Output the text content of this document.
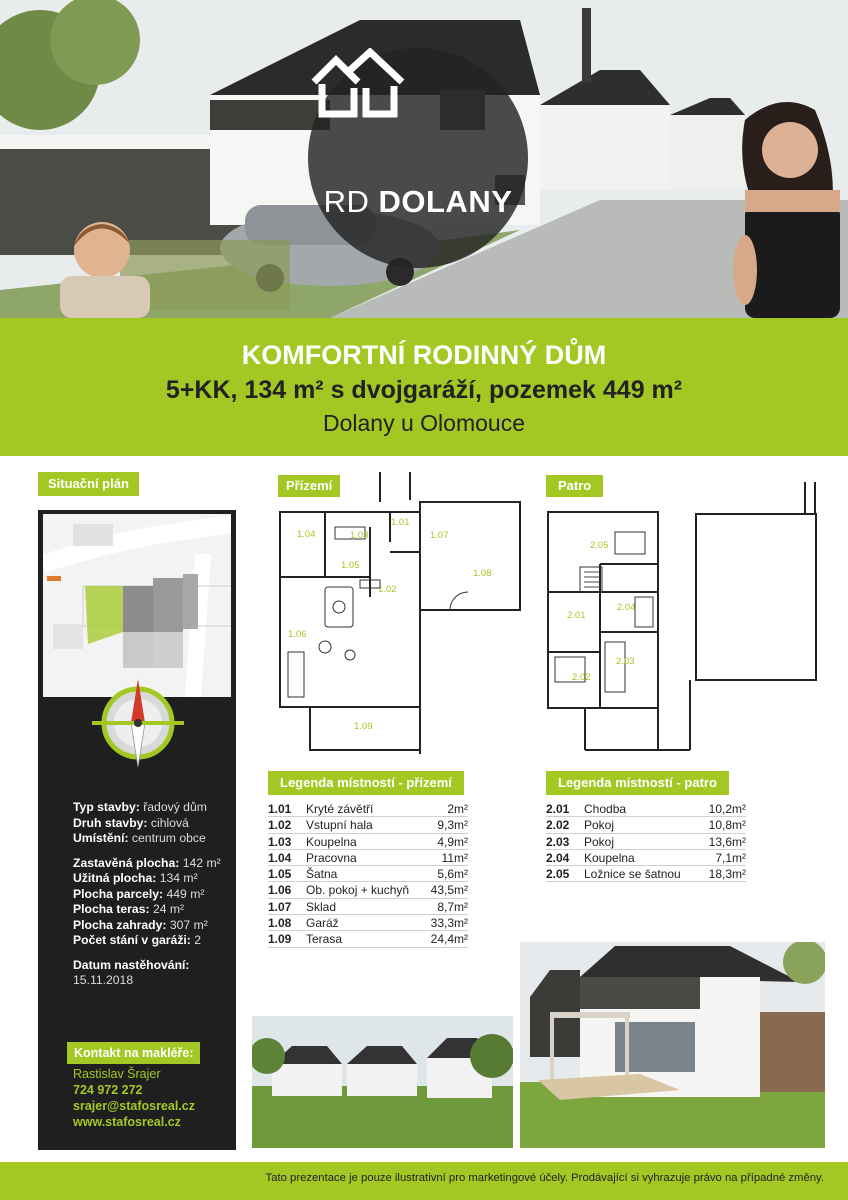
RD DOLANY
KOMFORTNÍ RODINNÝ DŮM
5+KK, 134 m² s dvojgaráží, pozemek 449 m²
Dolany u Olomouce
Situační plán	Přízemí	Patro
Typ stavby: řadový dům
Druh stavby: cihlová
Umístění: centrum obce
Zastavěná plocha: 142 m²
Užitná plocha: 134 m²
Plocha parcely: 449 m²
Plocha teras: 24 m²
Plocha zahrady: 307 m²
Počet stání v garáži: 2
Datum nastěhování:
15.11.2018
Kontakt na makléře:
Rastislav Šrajer
724 972 272
srajer@stafosreal.cz
www.stafosreal.cz
1.01
1.02
1.03
1.04
1.05
1.06
1.07
1.08
1.09
2.01
2.02
2.03
2.04
2.05
Legenda místností - přízemí
1.01 Kryté závětří	2m²
1.02 Vstupní hala	9,3m²
1.03 Koupelna	4,9m²
1.04 Pracovna	11m²
1.05 Šatna	5,6m²
1.06 Ob. pokoj + kuchyň 43,5m²
1.07 Sklad	8,7m²
1.08 Garáž	33,3m²
1.09 Terasa	24,4m²
Legenda místností - patro
2.01 Chodba	10,2m²
2.02 Pokoj	10,8m²
2.03 Pokoj	13,6m²
2.04 Koupelna	7,1m²
2.05 Ložnice se šatnou 18,3m²
Tato prezentace je pouze ilustrativní pro marketingové účely. Prodávající si vyhrazuje právo na případné změny.
